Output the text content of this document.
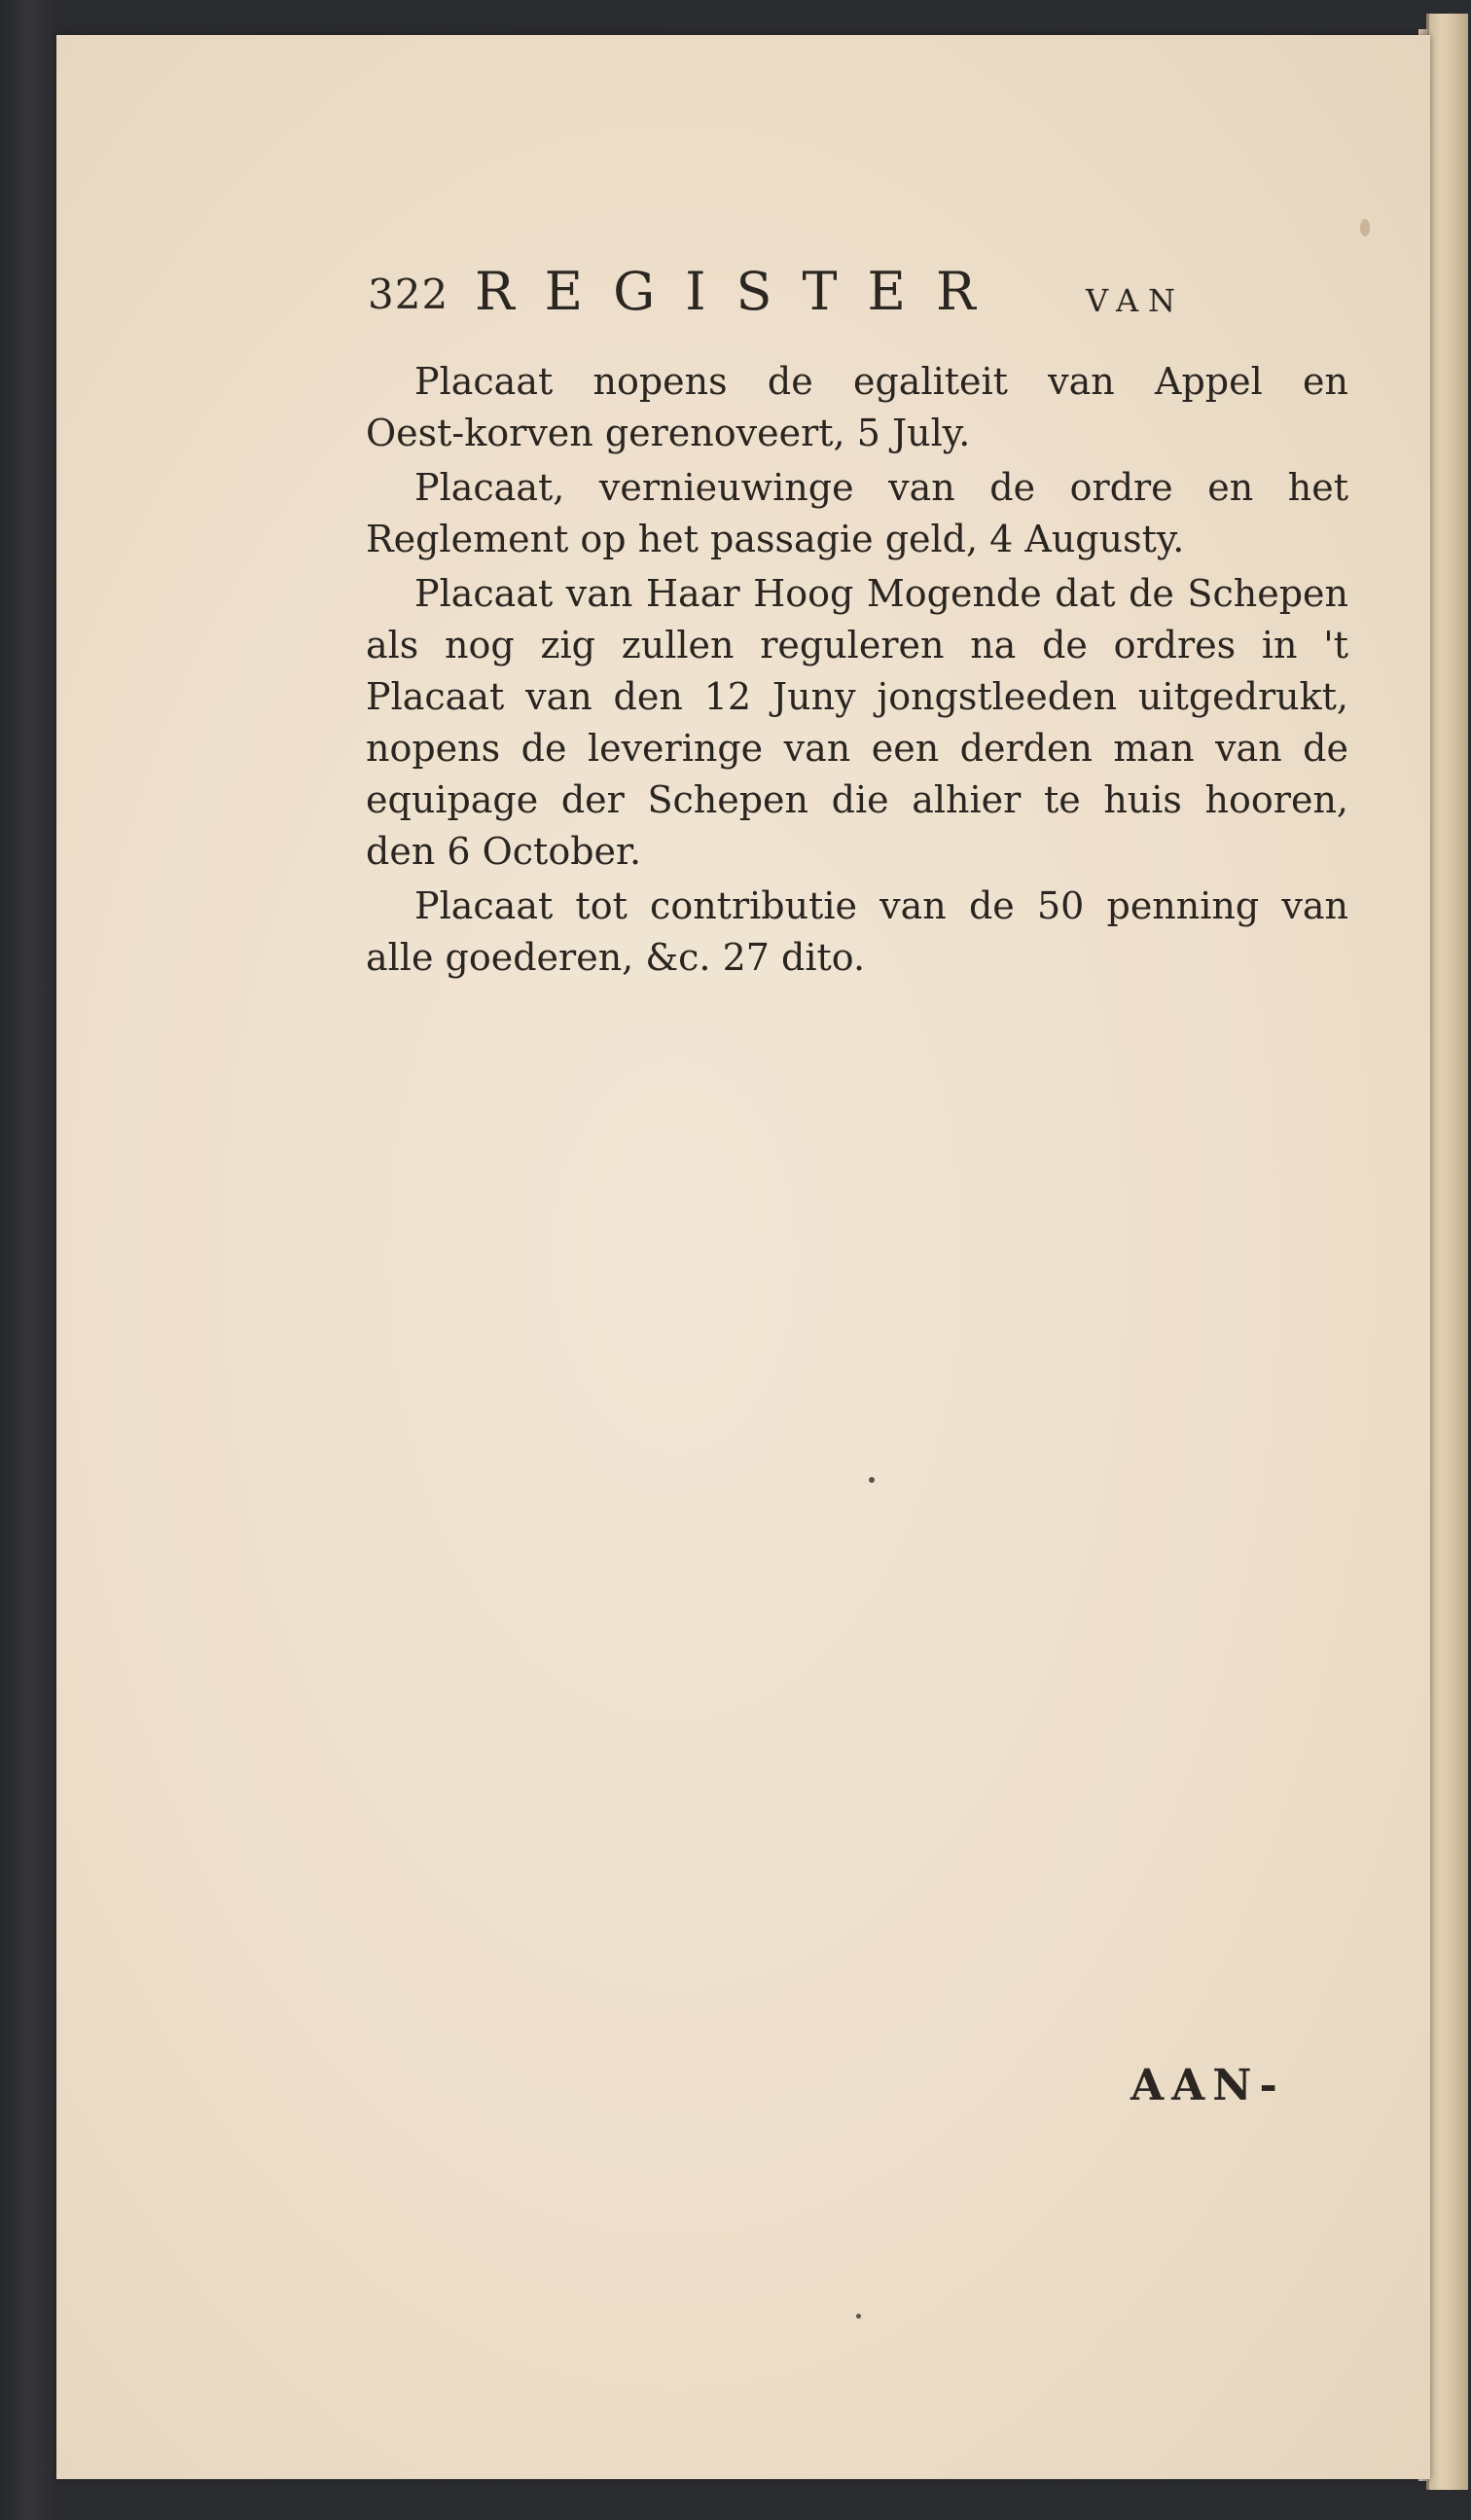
322 REGISTER	VAN

Placaat nopens de egaliteit van Appel en Oest‑korven gerenoveert, 5 July.

Placaat, vernieuwinge van de ordre en het Reglement op het passagie geld, 4 Augusty.

Placaat van Haar Hoog Mogende dat de Schepen als nog zig zullen reguleren na de ordres in 't Placaat van den 12 Juny jongstleeden uitgedrukt, nopens de leveringe van een derden man van de equipage der Schepen die alhier te huis hooren, den 6 October.

Placaat tot contributie van de 50 penning van alle goederen, &c. 27 dito.

AAN-
